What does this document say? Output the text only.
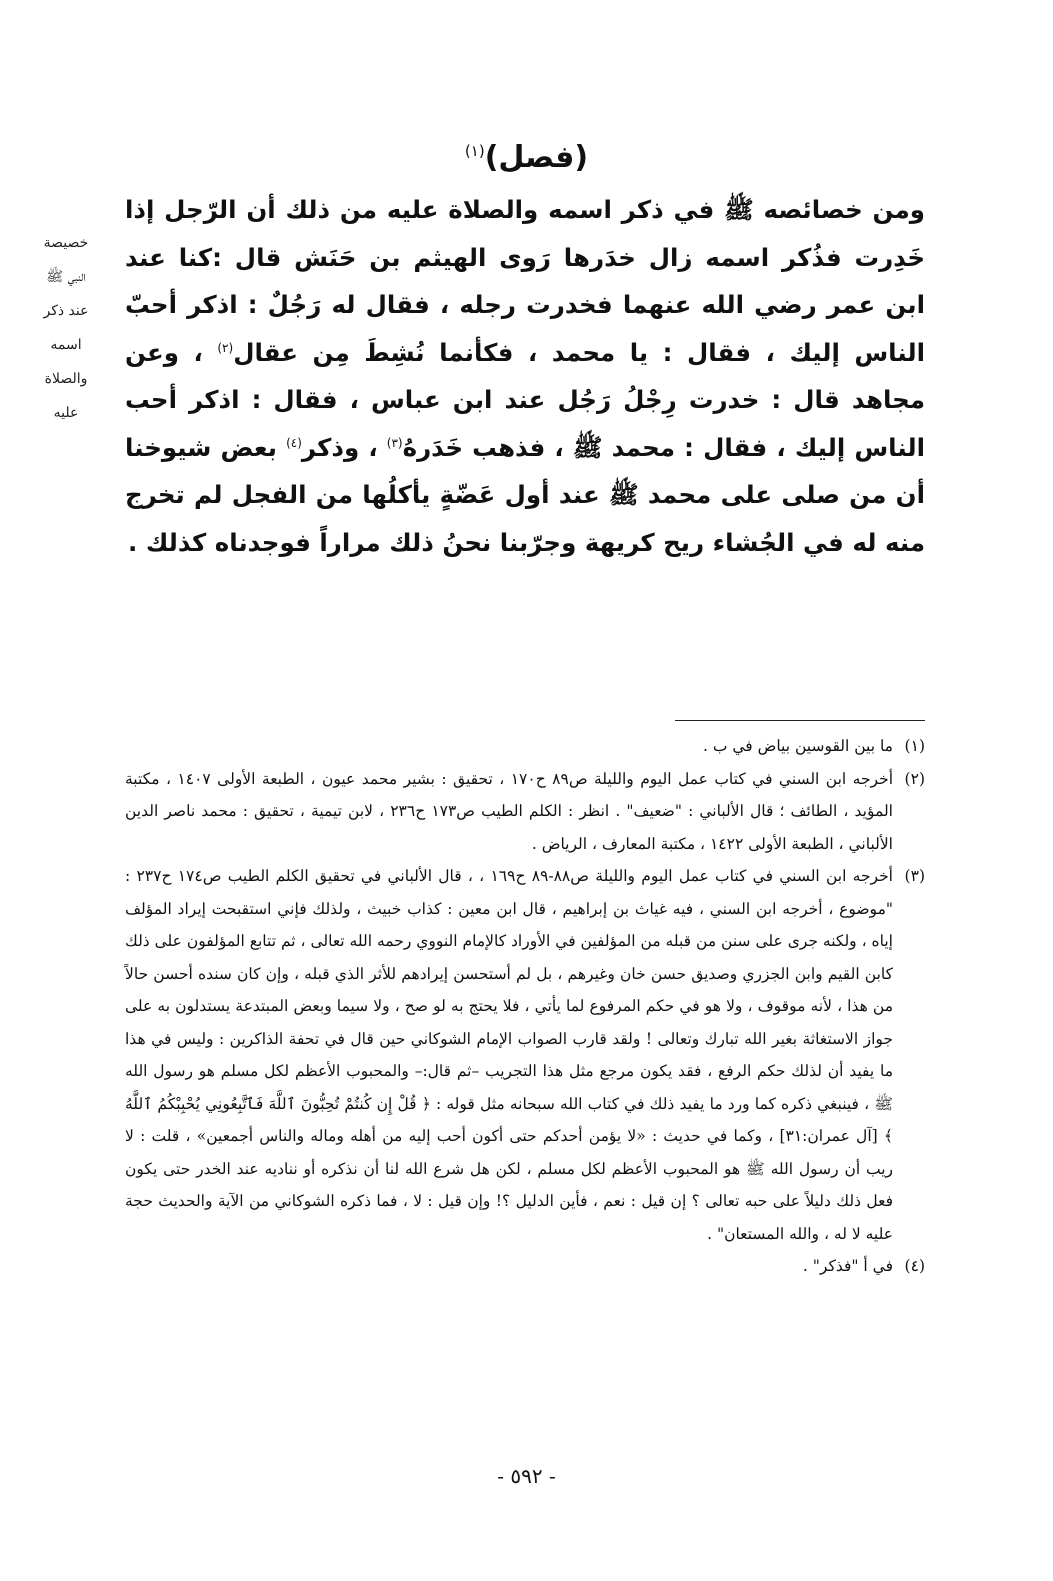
(فصل)$^{(١)}$
خصيصة
النبي ﷺ
عند ذكر
اسمه
والصلاة
عليه

ومن خصائصه ﷺ في ذكر اسمه والصلاة عليه من ذلك أن الرّجل إذا خَدِرت فذُكر اسمه زال خدَرها رَوى الهيثم بن حَنَش قال :كنا عند ابن عمر رضي الله عنهما فخدرت رجله ، فقال له رَجُلٌ : اذكر أحبّ الناس إليك ، فقال : يا محمد ، فكأنما نُشِطَ مِن عقال$^{(٢)}$ ، وعن مجاهد قال : خدرت رِجْلُ رَجُل عند ابن عباس ، فقال : اذكر أحب الناس إليك ، فقال : محمد ﷺ ، فذهب خَدَرهُ$^{(٣)}$ ، وذكر$^{(٤)}$ بعض شيوخنا أن من صلى على محمد ﷺ عند أول عَضّةٍ يأكلُها من الفجل لم تخرج منه له في الجُشاء ريح كريهة وجرّبنا نحنُ ذلك مراراً فوجدناه كذلك .

(١)
ما بين القوسين بياض في ب .
(٢)
أخرجه ابن السني في كتاب عمل اليوم والليلة ص٨٩ ح١٧٠ ، تحقيق : بشير محمد عيون ، الطبعة الأولى ١٤٠٧ ، مكتبة المؤيد ، الطائف ؛ قال الألباني : "ضعيف" . انظر : الكلم الطيب ص١٧٣ ح٢٣٦ ، لابن تيمية ، تحقيق : محمد ناصر الدين الألباني ، الطبعة الأولى ١٤٢٢ ، مكتبة المعارف ، الرياض .
(٣)
أخرجه ابن السني في كتاب عمل اليوم والليلة ص٨٨-٨٩ ح١٦٩ ، ، قال الألباني في تحقيق الكلم الطيب ص١٧٤ ح٢٣٧ : "موضوع ، أخرجه ابن السني ، فيه غياث بن إبراهيم ، قال ابن معين : كذاب خبيث ، ولذلك فإني استقبحت إيراد المؤلف إياه ، ولكنه جرى على سنن من قبله من المؤلفين في الأوراد كالإمام النووي رحمه الله تعالى ، ثم تتابع المؤلفون على ذلك كابن القيم وابن الجزري وصديق حسن خان وغيرهم ، بل لم أستحسن إيرادهم للأثر الذي قبله ، وإن كان سنده أحسن حالاً من هذا ، لأنه موقوف ، ولا هو في حكم المرفوع لما يأتي ، فلا يحتج به لو صح ، ولا سيما وبعض المبتدعة يستدلون به على جواز الاستغاثة بغير الله تبارك وتعالى ! ولقد قارب الصواب الإمام الشوكاني حين قال في تحفة الذاكرين : وليس في هذا ما يفيد أن لذلك حكم الرفع ، فقد يكون مرجع مثل هذا التجريب –ثم قال:– والمحبوب الأعظم لكل مسلم هو رسول الله ﷺ ، فينبغي ذكره كما ورد ما يفيد ذلك في كتاب الله سبحانه مثل قوله : ﴿ قُلْ إِن كُنتُمْ تُحِبُّونَ ٱللَّهَ فَٱتَّبِعُونِي يُحْبِبْكُمُ ٱللَّهُ ﴾ [آل عمران:٣١] ، وكما في حديث : «لا يؤمن أحدكم حتى أكون أحب إليه من أهله وماله والناس أجمعين» ، قلت : لا ريب أن رسول الله ﷺ هو المحبوب الأعظم لكل مسلم ، لكن هل شرع الله لنا أن نذكره أو نناديه عند الخدر حتى يكون فعل ذلك دليلاً على حبه تعالى ؟ إن قيل : نعم ، فأين الدليل ؟! وإن قيل : لا ، فما ذكره الشوكاني من الآية والحديث حجة عليه لا له ، والله المستعان" .
(٤)
في أ "فذكر" .
- ٥٩٢ -
